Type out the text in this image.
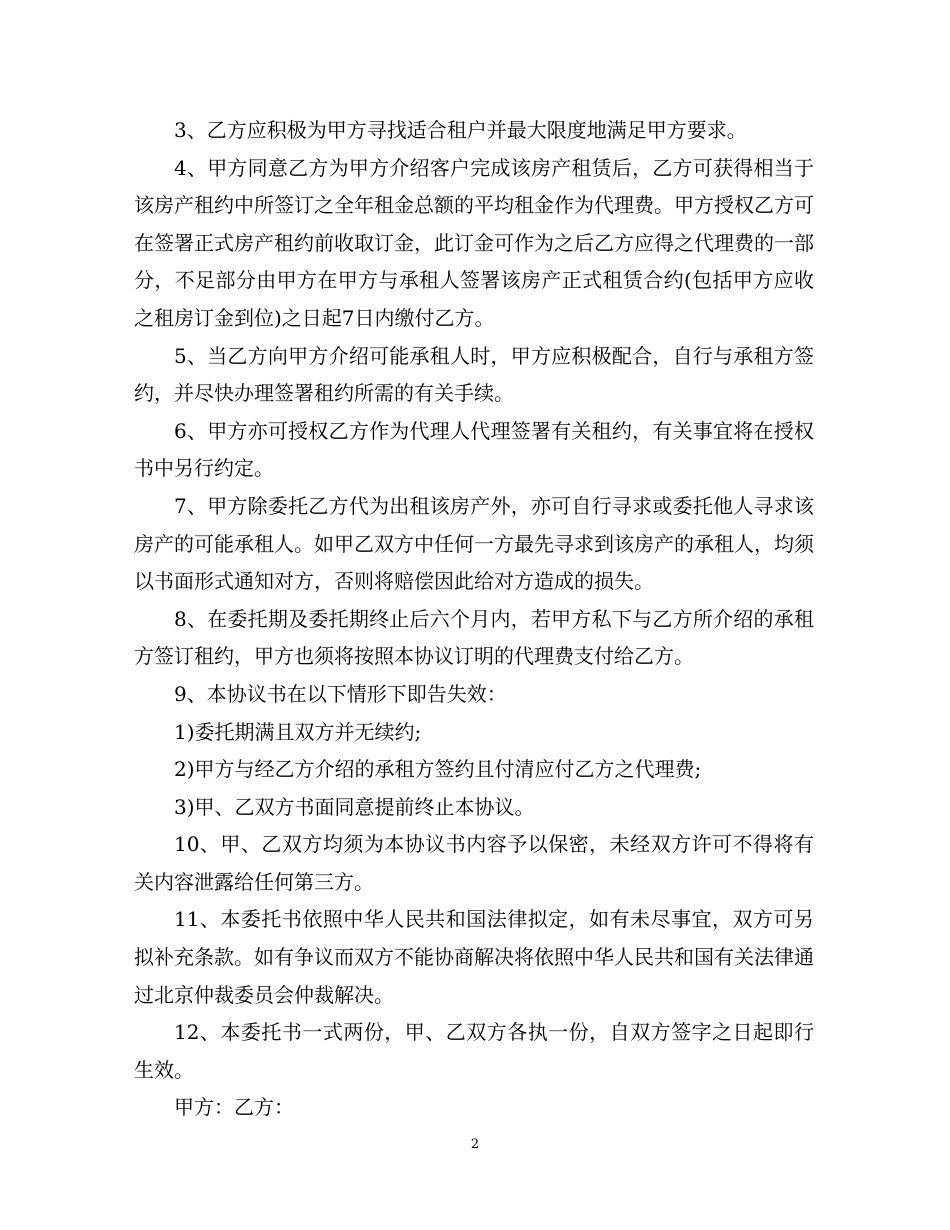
3、乙方应积极为甲方寻找适合租户并最大限度地满足甲方要求。

4、甲方同意乙方为甲方介绍客户完成该房产租赁后，乙方可获得相当于该房产租约中所签订之全年租金总额的平均租金作为代理费。甲方授权乙方可在签署正式房产租约前收取订金，此订金可作为之后乙方应得之代理费的一部分，不足部分由甲方在甲方与承租人签署该房产正式租赁合约(包括甲方应收之租房订金到位)之日起7日内缴付乙方。

5、当乙方向甲方介绍可能承租人时，甲方应积极配合，自行与承租方签约，并尽快办理签署租约所需的有关手续。

6、甲方亦可授权乙方作为代理人代理签署有关租约，有关事宜将在授权书中另行约定。

7、甲方除委托乙方代为出租该房产外，亦可自行寻求或委托他人寻求该房产的可能承租人。如甲乙双方中任何一方最先寻求到该房产的承租人，均须以书面形式通知对方，否则将赔偿因此给对方造成的损失。

8、在委托期及委托期终止后六个月内，若甲方私下与乙方所介绍的承租方签订租约，甲方也须将按照本协议订明的代理费支付给乙方。

9、本协议书在以下情形下即告失效：

1)委托期满且双方并无续约;

2)甲方与经乙方介绍的承租方签约且付清应付乙方之代理费;

3)甲、乙双方书面同意提前终止本协议。

10、甲、乙双方均须为本协议书内容予以保密，未经双方许可不得将有关内容泄露给任何第三方。

11、本委托书依照中华人民共和国法律拟定，如有未尽事宜，双方可另拟补充条款。如有争议而双方不能协商解决将依照中华人民共和国有关法律通过北京仲裁委员会仲裁解决。

12、本委托书一式两份，甲、乙双方各执一份，自双方签字之日起即行生效。

甲方：乙方：

2
